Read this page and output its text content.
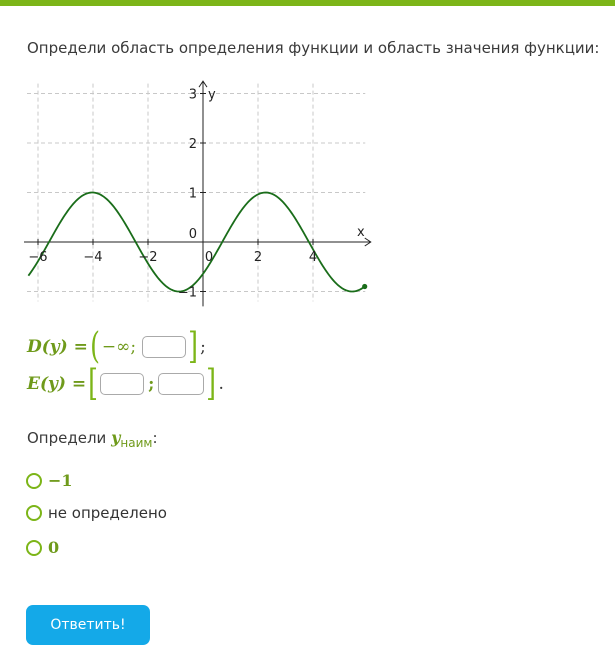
Определи область определения функции и область значения функции:
y
x
3
2
1
0
−1
−6	−4	−2	0	2	4
D(y) = ( −∞; ] ;
E(y) = [	; ] .
Определи $y_{наим}$:
−1
не определено
0
Ответить!
